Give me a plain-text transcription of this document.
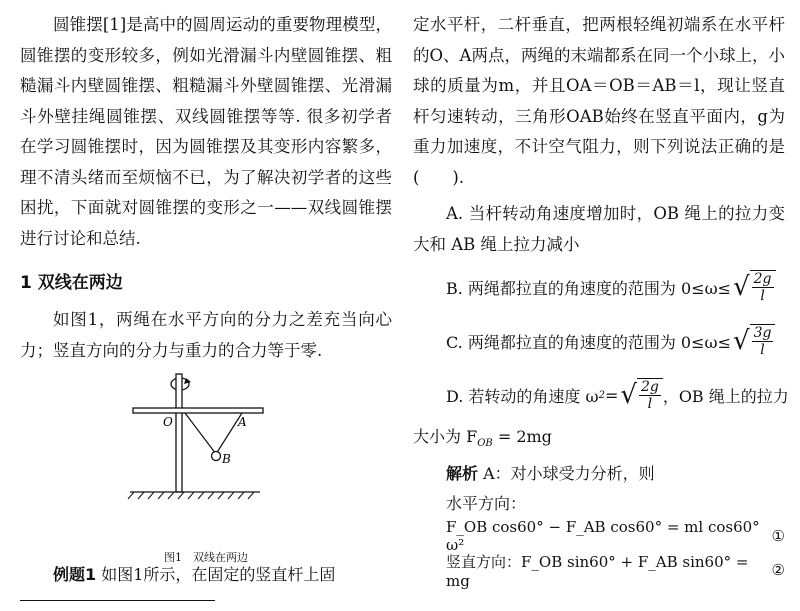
圆锥摆[1]是高中的圆周运动的重要物理模型，圆锥摆的变形较多，例如光滑漏斗内壁圆锥摆、粗糙漏斗内壁圆锥摆、粗糙漏斗外壁圆锥摆、光滑漏斗外壁挂绳圆锥摆、双线圆锥摆等等. 很多初学者在学习圆锥摆时，因为圆锥摆及其变形内容繁多，理不清头绪而至烦恼不已，为了解决初学者的这些困扰，下面就对圆锥摆的变形之一——双线圆锥摆进行讨论和总结.

1 双线在两边

如图1，两绳在水平方向的分力之差充当向心力；竖直方向的分力与重力的合力等于零.

O	A
B
图1　双线在两边
例题1 如图1所示，在固定的竖直杆上固

定水平杆，二杆垂直，把两根轻绳初端系在水平杆的O、A两点，两绳的末端都系在同一个小球上，小球的质量为m，并且OA＝OB＝AB＝l，现让竖直杆匀速转动，三角形OAB始终在竖直平面内，g为重力加速度，不计空气阻力，则下列说法正确的是(　　).

A. 当杆转动角速度增加时，OB 绳上的拉力变大和 AB 绳上拉力减小

B. 两绳都拉直的角速度的范围为 0≤ω≤ √ $\frac{2g}{l}$
C. 两绳都拉直的角速度的范围为 0≤ω≤ √ $\frac{3g}{l}$
D. 若转动的角速度 ω 2 = √ $\frac{2g}{l}$ ，OB 绳上的拉力
大小为 $F_{OB} = 2mg$
解析 A：对小球受力分析，则
水平方向：
F_OB cos60° − F_AB cos60° = ml cos60° ω²	①
竖直方向：F_OB sin60° + F_AB sin60° = mg
②
